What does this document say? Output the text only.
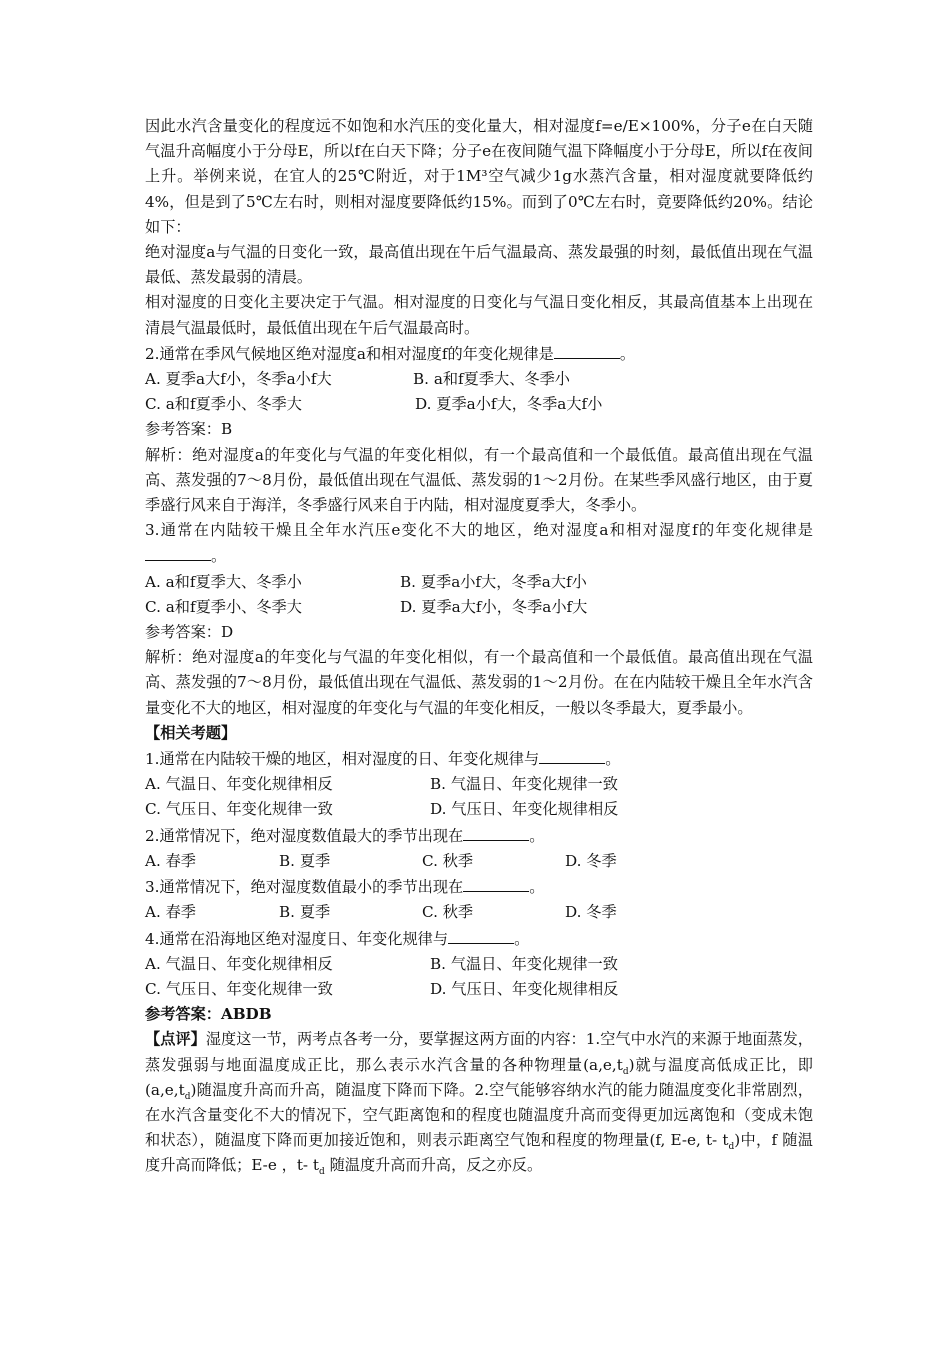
因此水汽含量变化的程度远不如饱和水汽压的变化量大，相对湿度f=e/E×100%，分子e在白天随气温升高幅度小于分母E，所以f在白天下降；分子e在夜间随气温下降幅度小于分母E，所以f在夜间上升。举例来说，在宜人的25℃附近，对于1M³空气减少1g水蒸汽含量，相对湿度就要降低约4%，但是到了5℃左右时，则相对湿度要降低约15%。而到了0℃左右时，竟要降低约20%。结论如下：

绝对湿度a与气温的日变化一致，最高值出现在午后气温最高、蒸发最强的时刻，最低值出现在气温最低、蒸发最弱的清晨。

相对湿度的日变化主要决定于气温。相对湿度的日变化与气温日变化相反，其最高值基本上出现在清晨气温最低时，最低值出现在午后气温最高时。

2.通常在季风气候地区绝对湿度a和相对湿度f的年变化规律是	。

A. 夏季a大f小，冬季a小f大	B. a和f夏季大、冬季小
C. a和f夏季小、冬季大	D. 夏季a小f大，冬季a大f小

参考答案：B

解析：绝对湿度a的年变化与气温的年变化相似，有一个最高值和一个最低值。最高值出现在气温高、蒸发强的7～8月份，最低值出现在气温低、蒸发弱的1～2月份。在某些季风盛行地区，由于夏季盛行风来自于海洋，冬季盛行风来自于内陆，相对湿度夏季大，冬季小。

3.通常在内陆较干燥且全年水汽压e变化不大的地区，绝对湿度a和相对湿度f的年变化规律是。

A. a和f夏季大、冬季小	B. 夏季a小f大，冬季a大f小
C. a和f夏季小、冬季大	D. 夏季a大f小，冬季a小f大

参考答案：D

解析：绝对湿度a的年变化与气温的年变化相似，有一个最高值和一个最低值。最高值出现在气温高、蒸发强的7～8月份，最低值出现在气温低、蒸发弱的1～2月份。在在内陆较干燥且全年水汽含量变化不大的地区，相对湿度的年变化与气温的年变化相反，一般以冬季最大，夏季最小。

【相关考题】

1.通常在内陆较干燥的地区，相对湿度的日、年变化规律与	。

A. 气温日、年变化规律相反	B. 气温日、年变化规律一致
C. 气压日、年变化规律一致	D. 气压日、年变化规律相反

2.通常情况下，绝对湿度数值最大的季节出现在	。

A. 春季	B. 夏季	C. 秋季	D. 冬季

3.通常情况下，绝对湿度数值最小的季节出现在	。

A. 春季	B. 夏季	C. 秋季	D. 冬季

4.通常在沿海地区绝对湿度日、年变化规律与	。

A. 气温日、年变化规律相反	B. 气温日、年变化规律一致
C. 气压日、年变化规律一致	D. 气压日、年变化规律相反

参考答案：ABDB

【点评】湿度这一节，两考点各考一分，要掌握这两方面的内容：1.空气中水汽的来源于地面蒸发，蒸发强弱与地面温度成正比，那么表示水汽含量的各种物理量$(a,e,t_d)$就与温度高低成正比，即$(a,e,t_d)$随温度升高而升高，随温度下降而下降。2.空气能够容纳水汽的能力随温度变化非常剧烈，在水汽含量变化不大的情况下，空气距离饱和的程度也随温度升高而变得更加远离饱和（变成未饱和状态），随温度下降而更加接近饱和，则表示距离空气饱和程度的物理量(f, E-e, t- $t_d$)中，f 随温度升高而降低；E-e ，t- $t_d$ 随温度升高而升高，反之亦反。
